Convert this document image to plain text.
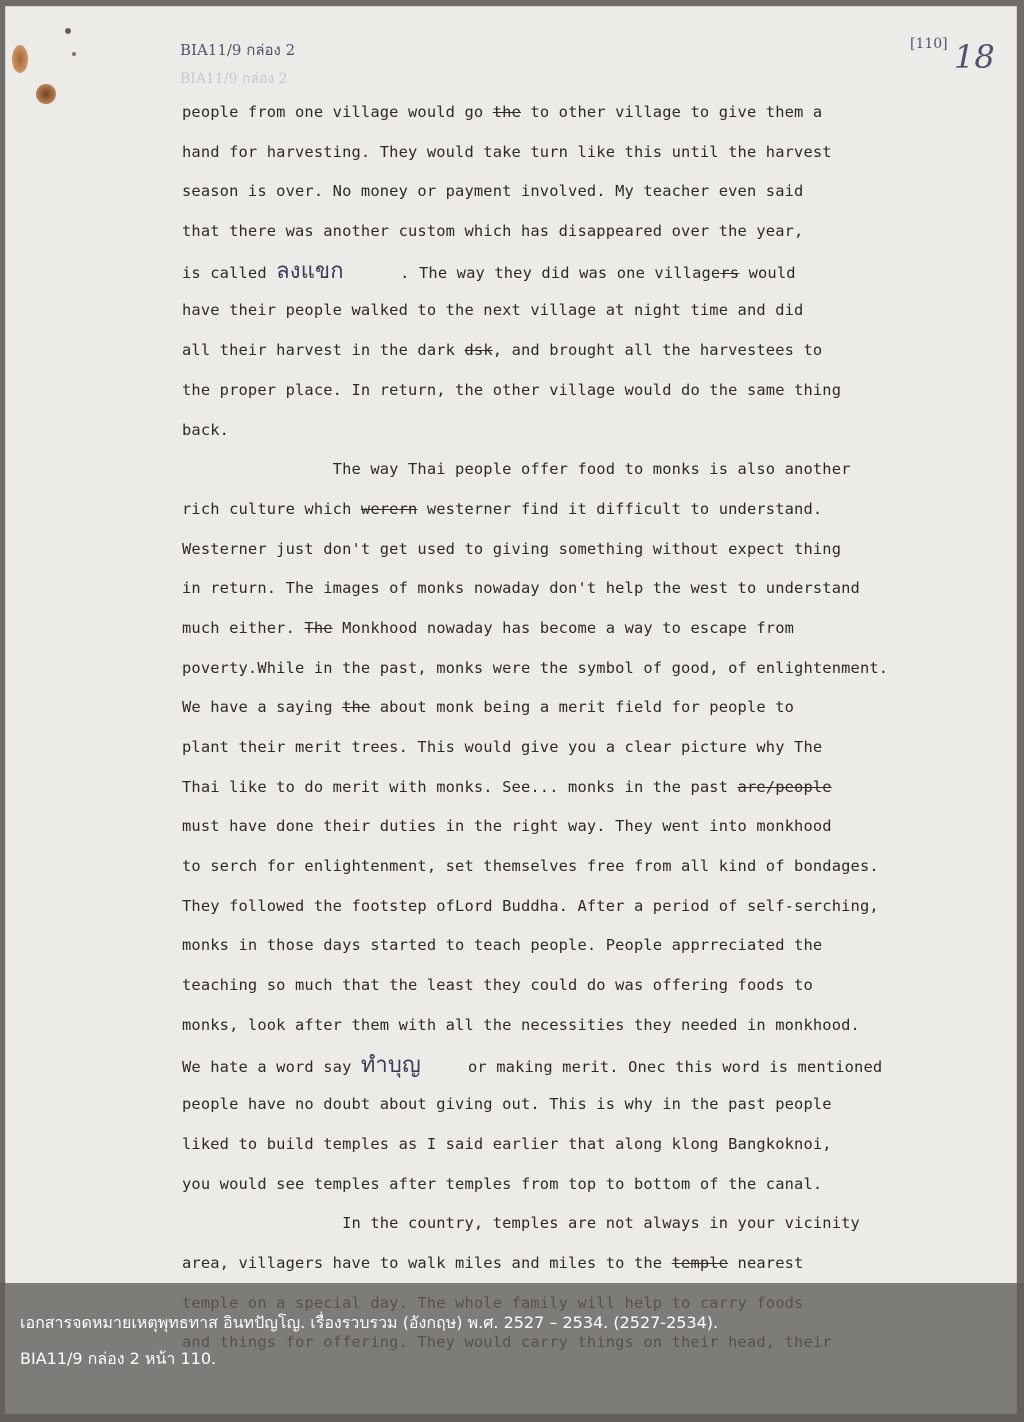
BIA11/9 กล่อง 2
BIA11/9 กล่อง 2
[110] 18
people from one village would go the to other village to give them a
hand for harvesting. They would take turn like this until the harvest
season is over. No money or payment involved. My teacher even said
that there was another custom which has disappeared over the year,
is called ลงแขก      . The way they did was one villagers would
have their people walked to the next village at night time and did
all their harvest in the dark dsk, and brought all the harvestees to
the proper place. In return, the other village would do the same thing
back.
The way Thai people offer food to monks is also another
rich culture which werern westerner find it difficult to understand.
Westerner just don't get used to giving something without expect thing
in return. The images of monks nowaday don't help the west to understand
much either. The Monkhood nowaday has become a way to escape from
poverty.While in the past, monks were the symbol of good, of enlightenment.
We have a saying the about monk being a merit field for people to
plant their merit trees. This would give you a clear picture why The
Thai like to do merit with monks. See... monks in the past are/people
must have done their duties in the right way. They went into monkhood
to serch for enlightenment, set themselves free from all kind of bondages.
They followed the footstep ofLord Buddha. After a period of self-serching,
monks in those days started to teach people. People apprreciated the
teaching so much that the least they could do was offering foods to
monks, look after them with all the necessities they needed in monkhood.
We hate a word say ทำบุญ     or making merit. Onec this word is mentioned
people have no doubt about giving out. This is why in the past people
liked to build temples as I said earlier that along klong Bangkoknoi,
you would see temples after temples from top to bottom of the canal.
In the country, temples are not always in your vicinity
area, villagers have to walk miles and miles to the temple nearest
เอกสารจดหมายเหตุพุทธทาส อินทปัญโญ. เรื่องรวบรวม (อังกฤษ) พ.ศ. 2527 – 2534. (2527-2534).
BIA11/9 กล่อง 2 หน้า 110.
